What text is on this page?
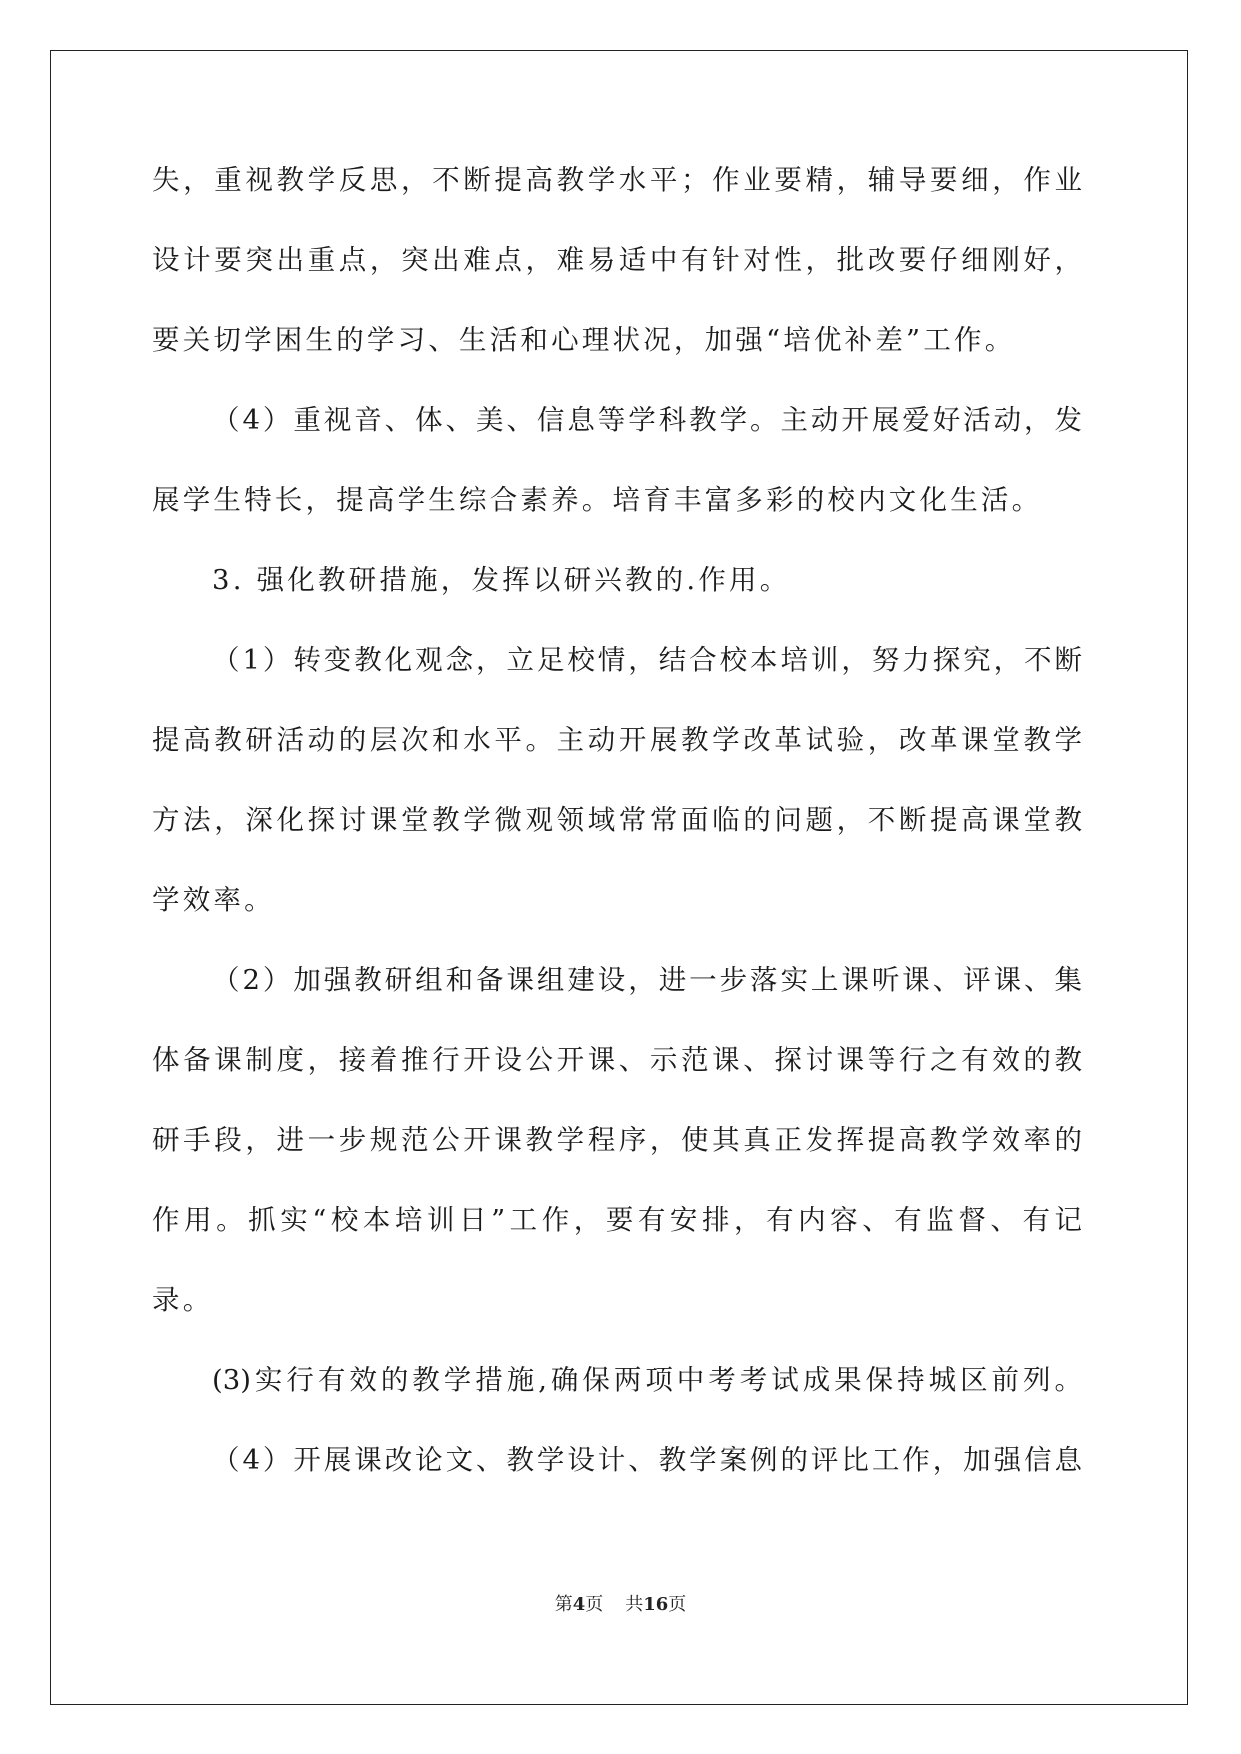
失，重视教学反思，不断提高教学水平；作业要精，辅导要细，作业
设计要突出重点，突出难点，难易适中有针对性，批改要仔细刚好，
要关切学困生的学习、生活和心理状况，加强“培优补差”工作。
（4）重视音、体、美、信息等学科教学。主动开展爱好活动，发
展学生特长，提高学生综合素养。培育丰富多彩的校内文化生活。
3. 强化教研措施，发挥以研兴教的.作用。
（1）转变教化观念，立足校情，结合校本培训，努力探究，不断
提高教研活动的层次和水平。主动开展教学改革试验，改革课堂教学
方法，深化探讨课堂教学微观领域常常面临的问题，不断提高课堂教
学效率。
（2）加强教研组和备课组建设，进一步落实上课听课、评课、集
体备课制度，接着推行开设公开课、示范课、探讨课等行之有效的教
研手段，进一步规范公开课教学程序，使其真正发挥提高教学效率的
作用。抓实“校本培训日”工作，要有安排，有内容、有监督、有记
录。
(3)实行有效的教学措施,确保两项中考考试成果保持城区前列。
（4）开展课改论文、教学设计、教学案例的评比工作，加强信息
第4页 共16页
